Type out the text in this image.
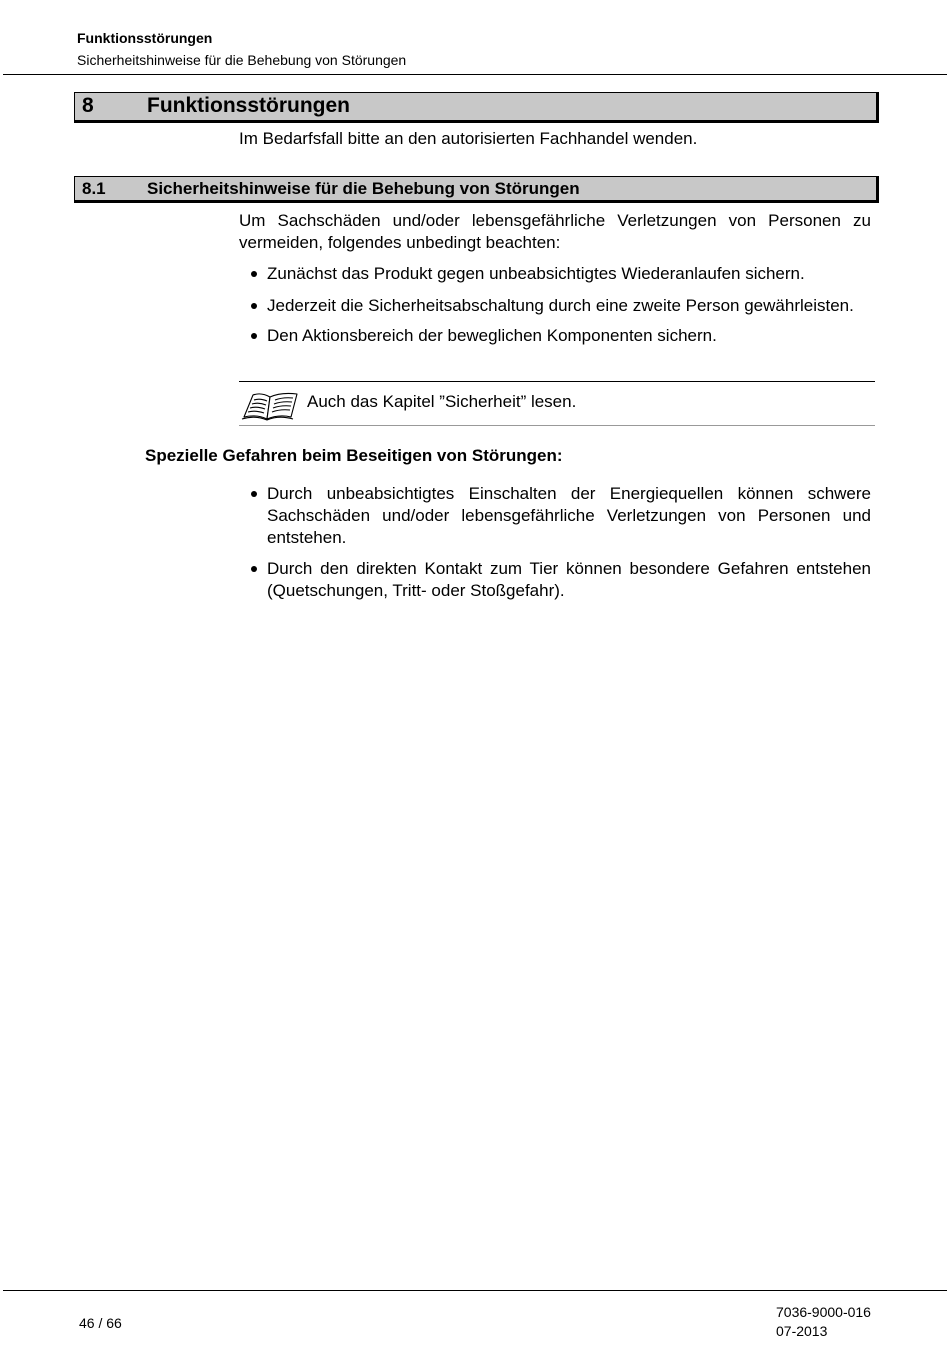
Funktionsstörungen
Sicherheitshinweise für die Behebung von Störungen
8	Funktionsstörungen
Im Bedarfsfall bitte an den autorisierten Fachhandel wenden.
8.1 Sicherheitshinweise für die Behebung von Störungen
Um Sachschäden und/oder lebensgefährliche Verletzungen von Personen zu vermeiden, folgendes unbedingt beachten:
Zunächst das Produkt gegen unbeabsichtigtes Wiederanlaufen sichern.
Jederzeit die Sicherheitsabschaltung durch eine zweite Person gewährleisten.
Den Aktionsbereich der beweglichen Komponenten sichern.
Auch das Kapitel ”Sicherheit” lesen.
Spezielle Gefahren beim Beseitigen von Störungen:
Durch unbeabsichtigtes Einschalten der Energiequellen können schwere Sachschäden und/oder lebensgefährliche Verletzungen von Personen und entstehen.
Durch den direkten Kontakt zum Tier können besondere Gefahren entstehen (Quetschungen, Tritt- oder Stoßgefahr).
46 / 66
7036-9000-016
07-2013
